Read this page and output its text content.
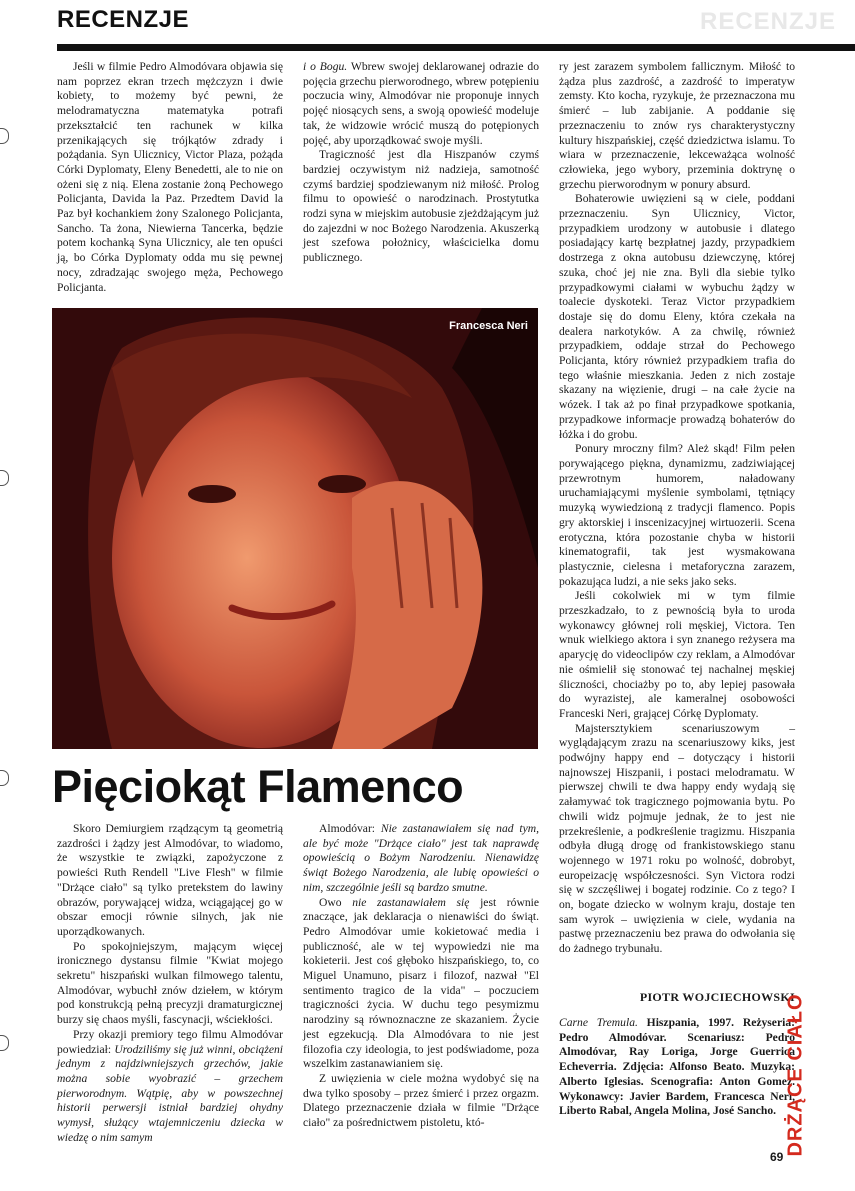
RECENZJE	RECENZJE

Jeśli w filmie Pedro Almodóvara objawia się nam poprzez ekran trzech mężczyzn i dwie kobiety, to możemy być pewni, że melodramatyczna matematyka potrafi przekształcić ten rachunek w kilka przenikających się trójkątów zdrady i pożądania. Syn Ulicznicy, Victor Plaza, pożąda Córki Dyplomaty, Eleny Benedetti, ale to nie on ożeni się z nią. Elena zostanie żoną Pechowego Policjanta, Davida la Paz. Przedtem David la Paz był kochankiem żony Szalonego Policjanta, Sancho. Ta żona, Niewierna Tancerka, będzie potem kochanką Syna Ulicznicy, ale ten opuści ją, bo Córka Dyplomaty odda mu się pewnej nocy, zdradzając swojego męża, Pechowego Policjanta.

i o Bogu. Wbrew swojej deklarowanej odrazie do pojęcia grzechu pierworodnego, wbrew potępieniu poczucia winy, Almodóvar nie proponuje innych pojęć niosących sens, a swoją opowieść modeluje tak, że widzowie wrócić muszą do potępionych pojęć, aby uporządkować swoje myśli.

Tragiczność jest dla Hiszpanów czymś bardziej oczywistym niż nadzieja, samotność czymś bardziej spodziewanym niż miłość. Prolog filmu to opowieść o narodzinach. Prostytutka rodzi syna w miejskim autobusie zjeżdżającym już do zajezdni w noc Bożego Narodzenia. Akuszerką jest szefowa położnicy, właścicielka domu publicznego.

ry jest zarazem symbolem fallicznym. Miłość to żądza plus zazdrość, a zazdrość to imperatyw zemsty. Kto kocha, ryzykuje, że przeznaczona mu śmierć – lub zabijanie. A poddanie się przeznaczeniu to znów rys charakterystyczny kultury hiszpańskiej, część dziedzictwa islamu. To wiara w przeznaczenie, lekceważąca wolność człowieka, jego wybory, przeminia doktrynę o grzechu pierworodnym w ponury absurd.

Bohaterowie uwięzieni są w ciele, poddani przeznaczeniu. Syn Ulicznicy, Victor, przypadkiem urodzony w autobusie i dlatego posiadający kartę bezpłatnej jazdy, przypadkiem dostrzega z okna autobusu dziewczynę, której szuka, choć jej nie zna. Byli dla siebie tylko przypadkowymi ciałami w wybuchu żądzy w toalecie dyskoteki. Teraz Victor przypadkiem dostaje się do domu Eleny, która czekała na dealera narkotyków. A za chwilę, również przypadkiem, oddaje strzał do Pechowego Policjanta, który również przypadkiem trafia do tego właśnie mieszkania. Jeden z nich zostaje skazany na więzienie, drugi – na całe życie na wózek. I tak aż po finał przypadkowe spotkania, przypadkowe informacje prowadzą bohaterów do łóżka i do grobu.

Ponury mroczny film? Ależ skąd! Film pełen porywającego piękna, dynamizmu, zadziwiającej przewrotnym humorem, naładowany uruchamiającymi myślenie symbolami, tętniący muzyką wywiedzioną z tradycji flamenco. Popis gry aktorskiej i inscenizacyjnej wirtuozerii. Scena erotyczna, która pozostanie chyba w historii kinematografii, tak jest wysmakowana plastycznie, cielesna i metaforyczna zarazem, pokazująca ludzi, a nie seks jako seks.

Jeśli cokolwiek mi w tym filmie przeszkadzało, to z pewnością była to uroda wykonawcy głównej roli męskiej, Victora. Ten wnuk wielkiego aktora i syn znanego reżysera ma aparycję do videoclipów czy reklam, a Almodóvar nie ośmielił się stonować tej nachalnej męskiej śliczności, chociażby po to, aby lepiej pasowała do wyrazistej, ale kameralnej osobowości Franceski Neri, grającej Córkę Dyplomaty.

Majstersztykiem scenariuszowym – wyglądającym zrazu na scenariuszowy kiks, jest podwójny happy end – dotyczący i historii najnowszej Hiszpanii, i postaci melodramatu. W pierwszej chwili te dwa happy endy wydają się załamywać tok tragicznego pojmowania bytu. Po chwili widz pojmuje jednak, że to jest nie przekreślenie, a podkreślenie tragizmu. Hiszpania odbyła długą drogę od frankistowskiego stanu wojennego w 1971 roku po wolność, dobrobyt, europeizację współczesności. Syn Victora rodzi się w szczęśliwej i bogatej rodzinie. Co z tego? I on, bogate dziecko w wolnym kraju, dostaje ten sam wyrok – uwięzienia w ciele, wydania na pastwę przeznaczeniu bez prawa do odwołania się do żadnego trybunału.

Francesca Neri
Pięciokąt Flamenco

Skoro Demiurgiem rządzącym tą geometrią zazdrości i żądzy jest Almodóvar, to wiadomo, że wszystkie te związki, zapożyczone z powieści Ruth Rendell "Live Flesh" w filmie "Drżące ciało" są tylko pretekstem do lawiny obrazów, porywającej widza, wciągającej go w obszar emocji równie silnych, jak nie uporządkowanych.

Po spokojniejszym, mającym więcej ironicznego dystansu filmie "Kwiat mojego sekretu" hiszpański wulkan filmowego talentu, Almodóvar, wybuchł znów dziełem, w którym pod konstrukcją pełną precyzji dramaturgicznej burzy się chaos myśli, fascynacji, wściekłości.

Przy okazji premiory tego filmu Almodóvar powiedział: Urodziliśmy się już winni, obciążeni jednym z najdziwniejszych grzechów, jakie można sobie wyobrazić – grzechem pierworodnym. Wątpię, aby w powszechnej historii perwersji istniał bardziej ohydny wymysł, służący wtajemniczeniu dziecka w wiedzę o nim samym

Almodóvar: Nie zastanawiałem się nad tym, ale być może "Drżące ciało" jest tak naprawdę opowieścią o Bożym Narodzeniu. Nienawidzę świąt Bożego Narodzenia, ale lubię opowieści o nim, szczególnie jeśli są bardzo smutne.

Owo nie zastanawiałem się jest równie znaczące, jak deklaracja o nienawiści do świąt. Pedro Almodóvar umie kokietować media i publiczność, ale w tej wypowiedzi nie ma kokieterii. Jest coś głęboko hiszpańskiego, to, co Miguel Unamuno, pisarz i filozof, nazwał "El sentimento tragico de la vida" – poczuciem tragiczności życia. W duchu tego pesymizmu narodziny są równoznaczne ze skazaniem. Życie jest egzekucją. Dla Almodóvara to nie jest filozofia czy ideologia, to jest podświadome, poza wszelkim zastanawianiem się.

Z uwięzienia w ciele można wydobyć się na dwa tylko sposoby – przez śmierć i przez orgazm. Dlatego przeznaczenie działa w filmie "Drżące ciało" za pośrednictwem pistoletu, któ-

PIOTR WOJCIECHOWSKI
Carne Tremula. Hiszpania, 1997. Reżyseria: Pedro Almodóvar. Scenariusz: Pedro Almodóvar, Ray Loriga, Jorge Guerrica Echeverria. Zdjęcia: Alfonso Beato. Muzyka: Alberto Iglesias. Scenografia: Anton Gomez. Wykonawcy: Javier Bardem, Francesca Neri, Liberto Rabal, Angela Molina, José Sancho. DRŻĄCE CIAŁO
69
